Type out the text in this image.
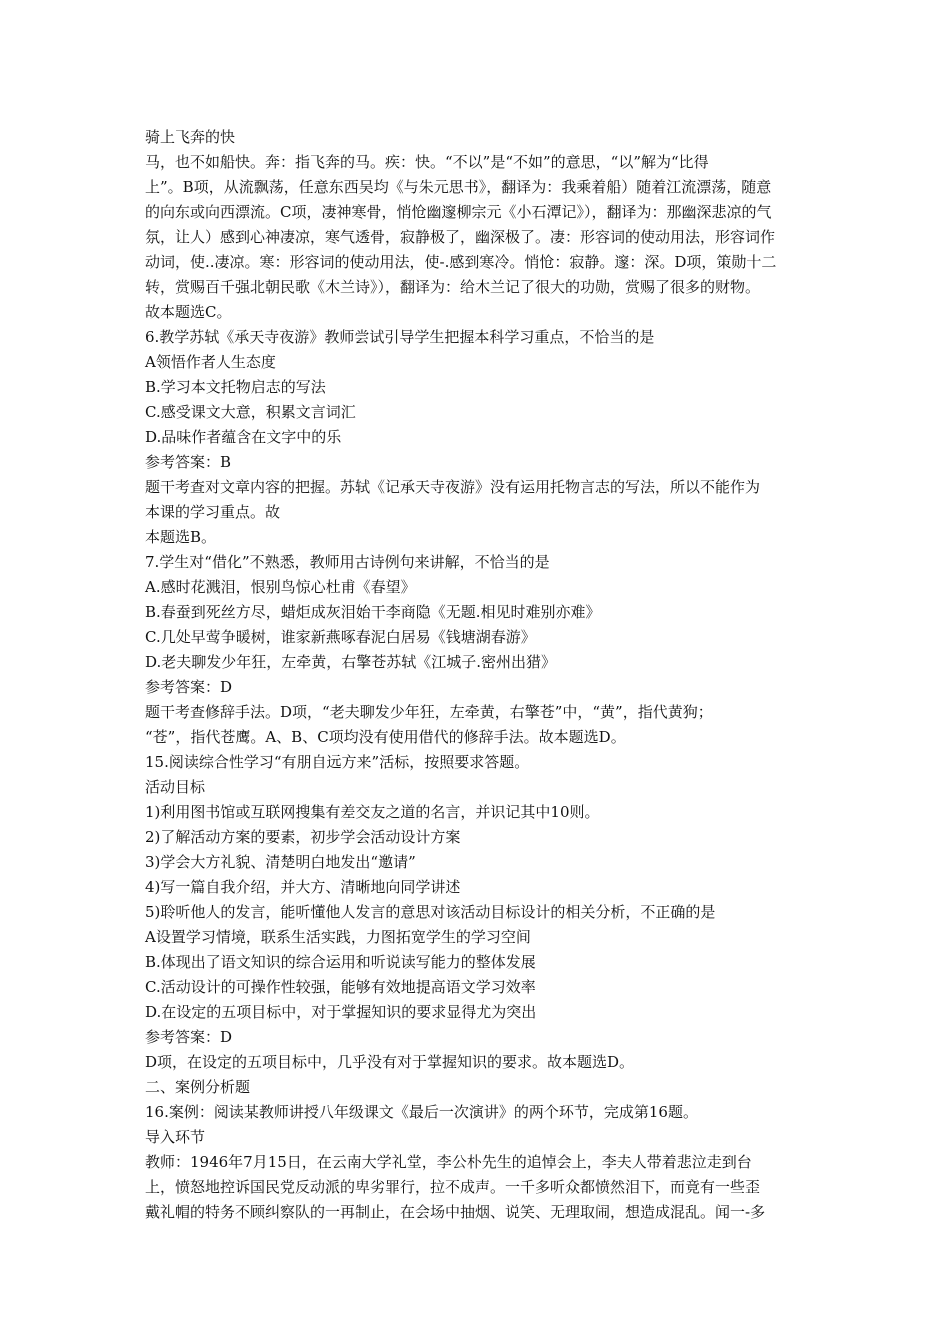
骑上飞奔的快
马，也不如船快。奔：指飞奔的马。疾：快。“不以”是“不如”的意思，“以”解为“比得
上”。B项，从流飘荡，任意东西吴均《与朱元思书》，翻译为：我乘着船）随着江流漂荡，随意
的向东或向西漂流。C项，凄神寒骨，悄怆幽邃柳宗元《小石潭记》），翻译为：那幽深悲凉的气
氛，让人）感到心神凄凉，寒气透骨，寂静极了，幽深极了。凄：形容词的使动用法，形容词作
动词，使..凄凉。寒：形容词的使动用法，使-.感到寒冷。悄怆：寂静。邃：深。D项，策勋十二
转，赏赐百千强北朝民歌《木兰诗》），翻译为：给木兰记了很大的功勋，赏赐了很多的财物。
故本题选C。
6.教学苏轼《承天寺夜游》教师尝试引导学生把握本科学习重点，不恰当的是
A领悟作者人生态度
B.学习本文托物启志的写法
C.感受课文大意，积累文言词汇
D.品味作者蕴含在文字中的乐
参考答案：B
题干考查对文章内容的把握。苏轼《记承天寺夜游》没有运用托物言志的写法，所以不能作为
本课的学习重点。故
本题选B。
7.学生对“借化”不熟悉，教师用古诗例句来讲解，不恰当的是
A.感时花溅泪，恨别鸟惊心杜甫《春望》
B.春蚕到死丝方尽，蜡炬成灰泪始干李商隐《无题.相见时难别亦难》
C.几处早莺争暖树，谁家新燕啄春泥白居易《钱塘湖春游》
D.老夫聊发少年狂，左牵黄，右擎苍苏轼《江城子.密州出猎》
参考答案：D
题干考查修辞手法。D项，“老夫聊发少年狂，左牵黄，右擎苍”中，“黄”，指代黄狗；
“苍”，指代苍鹰。A、B、C项均没有使用借代的修辞手法。故本题选D。
15.阅读综合性学习“有朋自远方来”活标，按照要求答题。
活动目标
1)利用图书馆或互联网搜集有差交友之道的名言，并识记其中10则。
2)了解活动方案的要素，初步学会活动设计方案
3)学会大方礼貌、清楚明白地发出“邀请”
4)写一篇自我介绍，并大方、清晰地向同学讲述
5)聆听他人的发言，能听懂他人发言的意思对该活动目标设计的相关分析，不正确的是
A设置学习情境，联系生活实践，力图拓宽学生的学习空间
B.体现出了语文知识的综合运用和听说读写能力的整体发展
C.活动设计的可操作性较强，能够有效地提高语文学习效率
D.在设定的五项目标中，对于掌握知识的要求显得尤为突出
参考答案：D
D项，在设定的五项目标中，几乎没有对于掌握知识的要求。故本题选D。
二、案例分析题
16.案例：阅读某教师讲授八年级课文《最后一次演讲》的两个环节，完成第16题。
导入环节
教师：1946年7月15日，在云南大学礼堂，李公朴先生的追悼会上，李夫人带着悲泣走到台
上，愤怒地控诉国民党反动派的卑劣罪行，拉不成声。一千多听众都愤然泪下，而竟有一些歪
戴礼帽的特务不顾纠察队的一再制止，在会场中抽烟、说笑、无理取闹，想造成混乱。闻一-多
